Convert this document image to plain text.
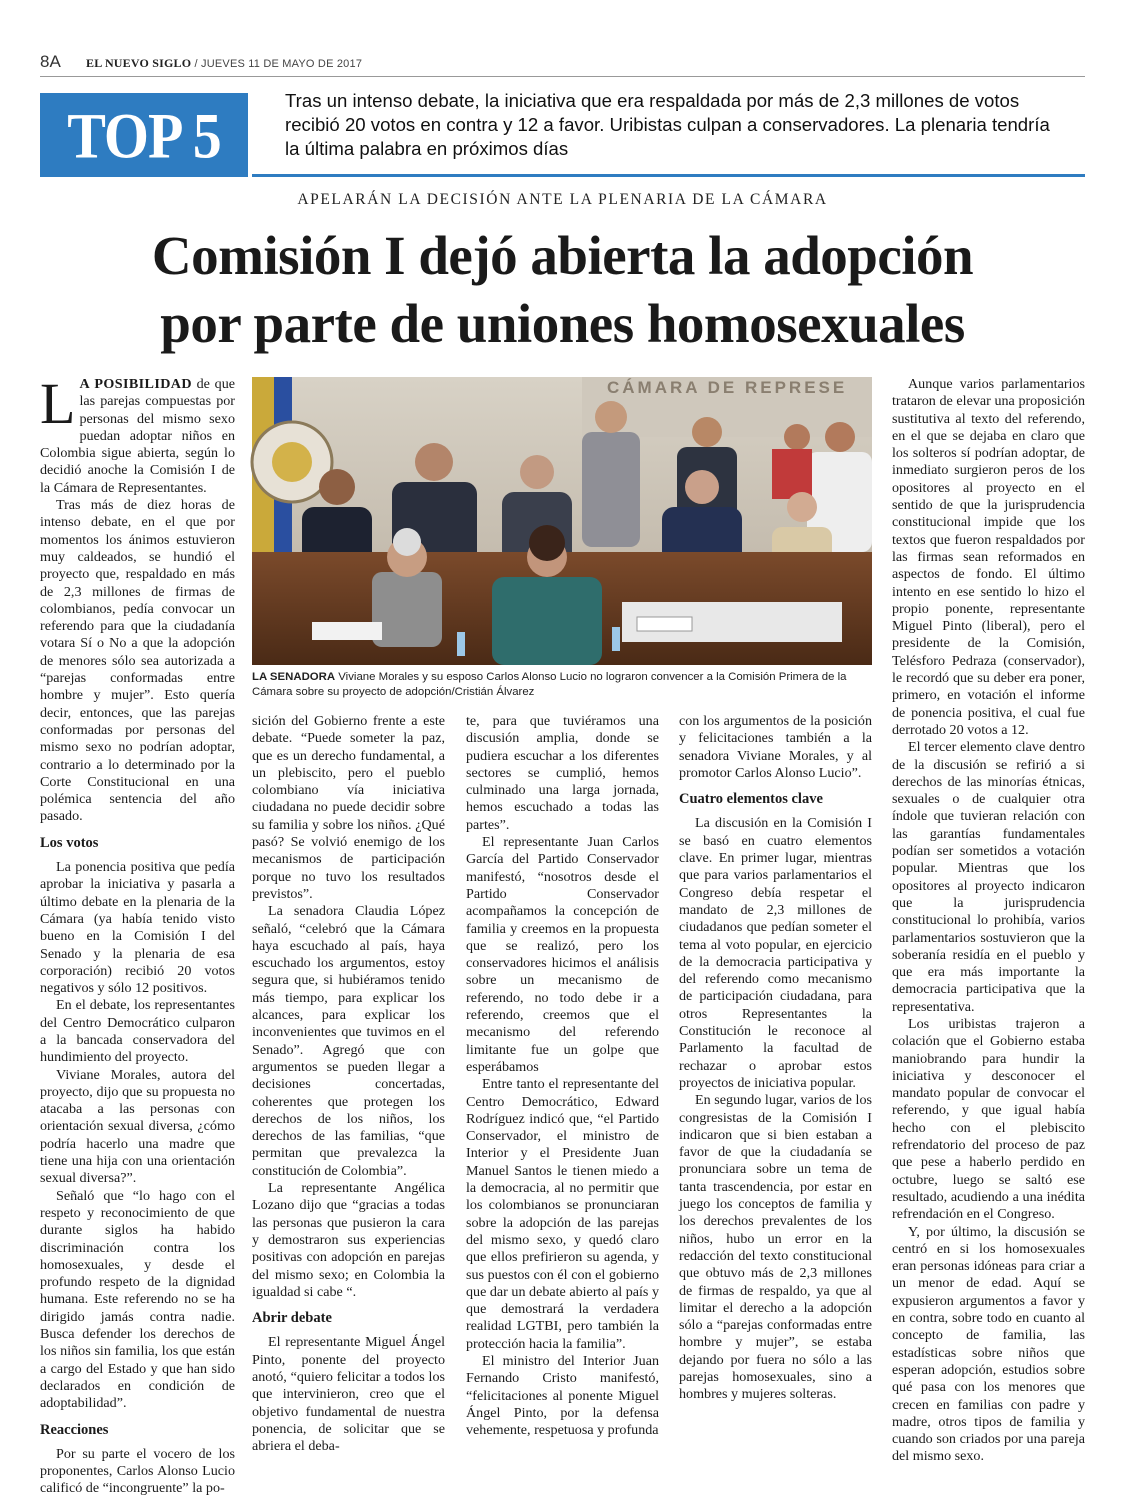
8A EL NUEVO SIGLO / JUEVES 11 DE MAYO DE 2017
TOP 5	Tras un intenso debate, la iniciativa que era respaldada por más de 2,3 millones de votos recibió 20 votos en contra y 12 a favor. Uribistas culpan a conservadores. La plenaria tendría la última palabra en próximos días
APELARÁN LA DECISIÓN ANTE LA PLENARIA DE LA CÁMARA
Comisión I dejó abierta la adopción
por parte de uniones homosexuales
CÁMARA DE REPRESE
LA SENADORA Viviane Morales y su esposo Carlos Alonso Lucio no lograron convencer a la Comisión Primera de la Cámara sobre su proyecto de adopción/Cristián Álvarez

L A POSIBILIDAD de que las parejas compuestas por personas del mismo sexo puedan adoptar niños en Colombia sigue abierta, según lo decidió anoche la Comisión I de la Cámara de Representantes.

Tras más de diez horas de intenso debate, en el que por momentos los ánimos estuvieron muy caldeados, se hundió el proyecto que, respaldado en más de 2,3 millones de firmas de colombianos, pedía convocar un referendo para que la ciudadanía votara Sí o No a que la adopción de menores sólo sea autorizada a “parejas conformadas entre hombre y mujer”. Esto quería decir, entonces, que las parejas conformadas por personas del mismo sexo no podrían adoptar, contrario a lo determinado por la Corte Constitucional en una polémica sentencia del año pasado.

Los votos

La ponencia positiva que pedía aprobar la iniciativa y pasarla a último debate en la plenaria de la Cámara (ya había tenido visto bueno en la Comisión I del Senado y la plenaria de esa corporación) recibió 20 votos negativos y sólo 12 positivos.

En el debate, los representantes del Centro Democrático culparon a la bancada conservadora del hundimiento del proyecto.

Viviane Morales, autora del proyecto, dijo que su propuesta no atacaba a las personas con orientación sexual diversa, ¿cómo podría hacerlo una madre que tiene una hija con una orientación sexual diversa?”.

Señaló que “lo hago con el respeto y reconocimiento de que durante siglos ha habido discriminación contra los homosexuales, y desde el profundo respeto de la dignidad humana. Este referendo no se ha dirigido jamás contra nadie. Busca defender los derechos de los niños sin familia, los que están a cargo del Estado y que han sido declarados en condición de adoptabilidad”.

Reacciones

Por su parte el vocero de los proponentes, Carlos Alonso Lucio calificó de “incongruente” la po-

sición del Gobierno frente a este debate. “Puede someter la paz, que es un derecho fundamental, a un plebiscito, pero el pueblo colombiano vía iniciativa ciudadana no puede decidir sobre su familia y sobre los niños. ¿Qué pasó? Se volvió enemigo de los mecanismos de participación porque no tuvo los resultados previstos”.

La senadora Claudia López señaló, “celebró que la Cámara haya escuchado al país, haya escuchado los argumentos, estoy segura que, si hubiéramos tenido más tiempo, para explicar los alcances, para explicar los inconvenientes que tuvimos en el Senado”. Agregó que con argumentos se pueden llegar a decisiones concertadas, coherentes que protegen los derechos de los niños, los derechos de las familias, “que permitan que prevalezca la constitución de Colombia”.

La representante Angélica Lozano dijo que “gracias a todas las personas que pusieron la cara y demostraron sus experiencias positivas con adopción en parejas del mismo sexo; en Colombia la igualdad si cabe “.

Abrir debate

El representante Miguel Ángel Pinto, ponente del proyecto anotó, “quiero felicitar a todos los que intervinieron, creo que el objetivo fundamental de nuestra ponencia, de solicitar que se abriera el deba-

te, para que tuviéramos una discusión amplia, donde se pudiera escuchar a los diferentes sectores se cumplió, hemos culminado una larga jornada, hemos escuchado a todas las partes”.

El representante Juan Carlos García del Partido Conservador manifestó, “nosotros desde el Partido Conservador acompañamos la concepción de familia y creemos en la propuesta que se realizó, pero los conservadores hicimos el análisis sobre un mecanismo de referendo, no todo debe ir a referendo, creemos que el mecanismo del referendo limitante fue un golpe que esperábamos

Entre tanto el representante del Centro Democrático, Edward Rodríguez indicó que, “el Partido Conservador, el ministro de Interior y el Presidente Juan Manuel Santos le tienen miedo a la democracia, al no permitir que los colombianos se pronunciaran sobre la adopción de las parejas del mismo sexo, y quedó claro que ellos prefirieron su agenda, y sus puestos con él con el gobierno que dar un debate abierto al país y que demostrará la verdadera realidad LGTBI, pero también la protección hacia la familia”.

El ministro del Interior Juan Fernando Cristo manifestó, “felicitaciones al ponente Miguel Ángel Pinto, por la defensa vehemente, respetuosa y profunda

con los argumentos de la posición y felicitaciones también a la senadora Viviane Morales, y al promotor Carlos Alonso Lucio”.

Cuatro elementos clave

La discusión en la Comisión I se basó en cuatro elementos clave. En primer lugar, mientras que para varios parlamentarios el Congreso debía respetar el mandato de 2,3 millones de ciudadanos que pedían someter el tema al voto popular, en ejercicio de la democracia participativa y del referendo como mecanismo de participación ciudadana, para otros Representantes la Constitución le reconoce al Parlamento la facultad de rechazar o aprobar estos proyectos de iniciativa popular.

En segundo lugar, varios de los congresistas de la Comisión I indicaron que si bien estaban a favor de que la ciudadanía se pronunciara sobre un tema de tanta trascendencia, por estar en juego los conceptos de familia y los derechos prevalentes de los niños, hubo un error en la redacción del texto constitucional que obtuvo más de 2,3 millones de firmas de respaldo, ya que al limitar el derecho a la adopción sólo a “parejas conformadas entre hombre y mujer”, se estaba dejando por fuera no sólo a las parejas homosexuales, sino a hombres y mujeres solteras.

Aunque varios parlamentarios trataron de elevar una proposición sustitutiva al texto del referendo, en el que se dejaba en claro que los solteros sí podrían adoptar, de inmediato surgieron peros de los opositores al proyecto en el sentido de que la jurisprudencia constitucional impide que los textos que fueron respaldados por las firmas sean reformados en aspectos de fondo. El último intento en ese sentido lo hizo el propio ponente, representante Miguel Pinto (liberal), pero el presidente de la Comisión, Telésforo Pedraza (conservador), le recordó que su deber era poner, primero, en votación el informe de ponencia positiva, el cual fue derrotado 20 votos a 12.

El tercer elemento clave dentro de la discusión se refirió a si derechos de las minorías étnicas, sexuales o de cualquier otra índole que tuvieran relación con las garantías fundamentales podían ser sometidos a votación popular. Mientras que los opositores al proyecto indicaron que la jurisprudencia constitucional lo prohibía, varios parlamentarios sostuvieron que la soberanía residía en el pueblo y que era más importante la democracia participativa que la representativa.

Los uribistas trajeron a colación que el Gobierno estaba maniobrando para hundir la iniciativa y desconocer el mandato popular de convocar el referendo, y que igual había hecho con el plebiscito refrendatorio del proceso de paz que pese a haberlo perdido en octubre, luego se saltó ese resultado, acudiendo a una inédita refrendación en el Congreso.

Y, por último, la discusión se centró en si los homosexuales eran personas idóneas para criar a un menor de edad. Aquí se expusieron argumentos a favor y en contra, sobre todo en cuanto al concepto de familia, las estadísticas sobre niños que esperan adopción, estudios sobre qué pasa con los menores que crecen en familias con padre y madre, otros tipos de familia y cuando son criados por una pareja del mismo sexo.
